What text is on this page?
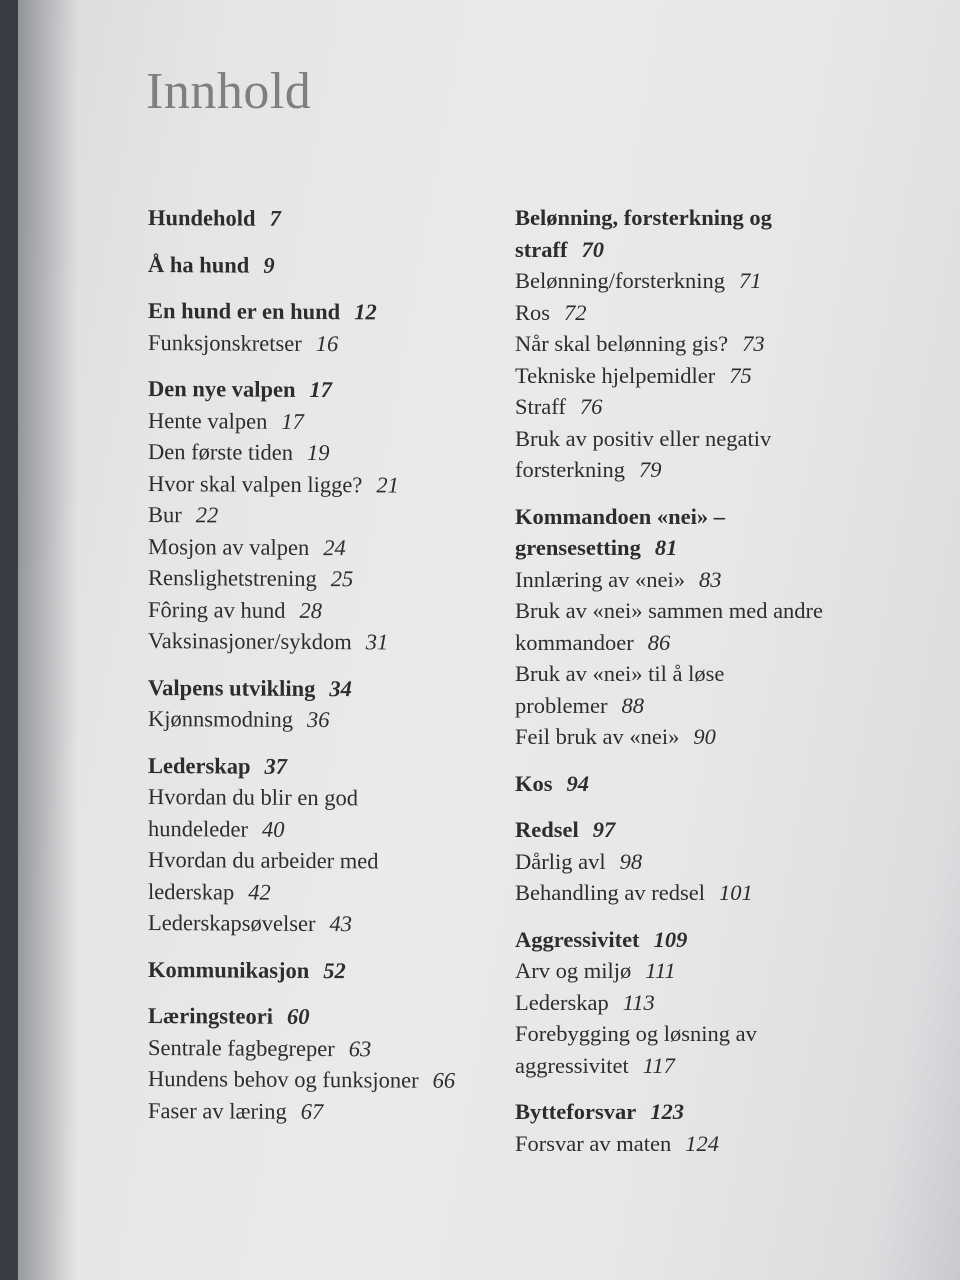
Innhold
Hundehold 7
Å ha hund 9
En hund er en hund 12
Funksjonskretser 16
Den nye valpen 17
Hente valpen 17
Den første tiden 19
Hvor skal valpen ligge? 21
Bur 22
Mosjon av valpen 24
Renslighetstrening 25
Fôring av hund 28
Vaksinasjoner/sykdom 31
Valpens utvikling 34
Kjønnsmodning 36
Lederskap 37
Hvordan du blir en god hundeleder 40
Hvordan du arbeider med lederskap 42
Lederskapsøvelser 43
Kommunikasjon 52
Læringsteori 60
Sentrale fagbegreper 63
Hundens behov og funksjoner 66
Faser av læring 67
Belønning, forsterkning og straff 70
Belønning/forsterkning 71
Ros 72
Når skal belønning gis? 73
Tekniske hjelpemidler 75
Straff 76
Bruk av positiv eller negativ forsterkning 79
Kommandoen «nei» – grensesetting 81
Innlæring av «nei» 83
Bruk av «nei» sammen med andre kommandoer 86
Bruk av «nei» til å løse problemer 88
Feil bruk av «nei» 90
Kos 94
Redsel 97
Dårlig avl 98
Behandling av redsel 101
Aggressivitet 109
Arv og miljø 111
Lederskap 113
Forebygging og løsning av aggressivitet 117
Bytteforsvar 123
Forsvar av maten 124
